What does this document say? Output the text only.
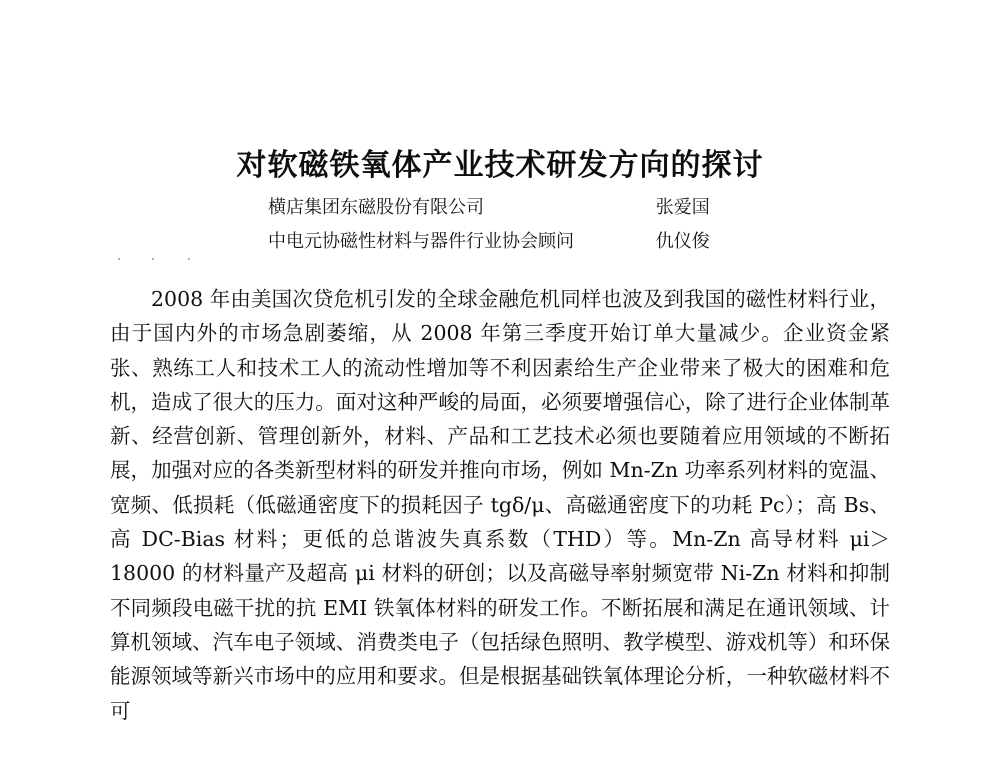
对软磁铁氧体产业技术研发方向的探讨
横店集团东磁股份有限公司	张爱国
中电元协磁性材料与器件行业协会顾问	仇仪俊

2008 年由美国次贷危机引发的全球金融危机同样也波及到我国的磁性材料行业，由于国内外的市场急剧萎缩，从 2008 年第三季度开始订单大量减少。企业资金紧张、熟练工人和技术工人的流动性增加等不利因素给生产企业带来了极大的困难和危机，造成了很大的压力。面对这种严峻的局面，必须要增强信心，除了进行企业体制革新、经营创新、管理创新外，材料、产品和工艺技术必须也要随着应用领域的不断拓展，加强对应的各类新型材料的研发并推向市场，例如 Mn-Zn 功率系列材料的宽温、宽频、低损耗（低磁通密度下的损耗因子 tgδ/μ、高磁通密度下的功耗 Pc）；高 Bs、高 DC-Bias 材料；更低的总谐波失真系数（THD）等。Mn-Zn 高导材料 μi＞18000 的材料量产及超高 μi 材料的研创；以及高磁导率射频宽带 Ni-Zn 材料和抑制不同频段电磁干扰的抗 EMI 铁氧体材料的研发工作。不断拓展和满足在通讯领域、计算机领域、汽车电子领域、消费类电子（包括绿色照明、教学模型、游戏机等）和环保能源领域等新兴市场中的应用和要求。但是根据基础铁氧体理论分析，一种软磁材料不可
